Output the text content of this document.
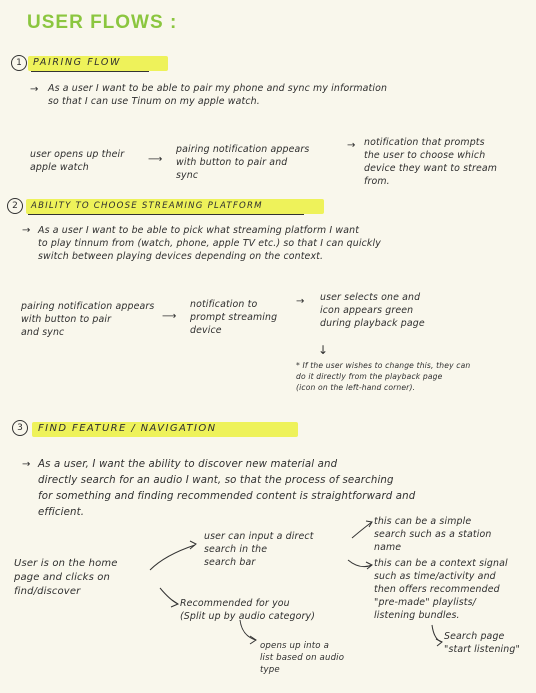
USER FLOWS :
1	PAIRING FLOW
→ As a user I want to be able to pair my phone and sync my information
so that I can use Tinum on my apple watch.
user opens up their
apple watch
⟶
pairing notification appears
with button to pair and
sync
→ notification that prompts
the user to choose which
device they want to stream
from.
2	ABILITY TO CHOOSE STREAMING PLATFORM
→ As a user I want to be able to pick what streaming platform I want
to play tinnum from (watch, phone, apple TV etc.) so that I can quickly
switch between playing devices depending on the context.
pairing notification appears
with button to pair
and sync
⟶
notification to
prompt streaming
device
→ user selects one and
icon appears green
during playback page
↓
* If the user wishes to change this, they can
do it directly from the playback page
(icon on the left-hand corner).
3	FIND FEATURE / NAVIGATION
→ As a user, I want the ability to discover new material and
directly search for an audio I want, so that the process of searching
for something and finding recommended content is straightforward and
efficient.
User is on the home
page and clicks on
find/discover
user can input a direct
search in the
search bar
Recommended for you
(Split up by audio category)
this can be a simple
search such as a station
name
this can be a context signal
such as time/activity and
then offers recommended
"pre-made" playlists/
listening bundles.
Search page
"start listening"
opens up into a
list based on audio
type
